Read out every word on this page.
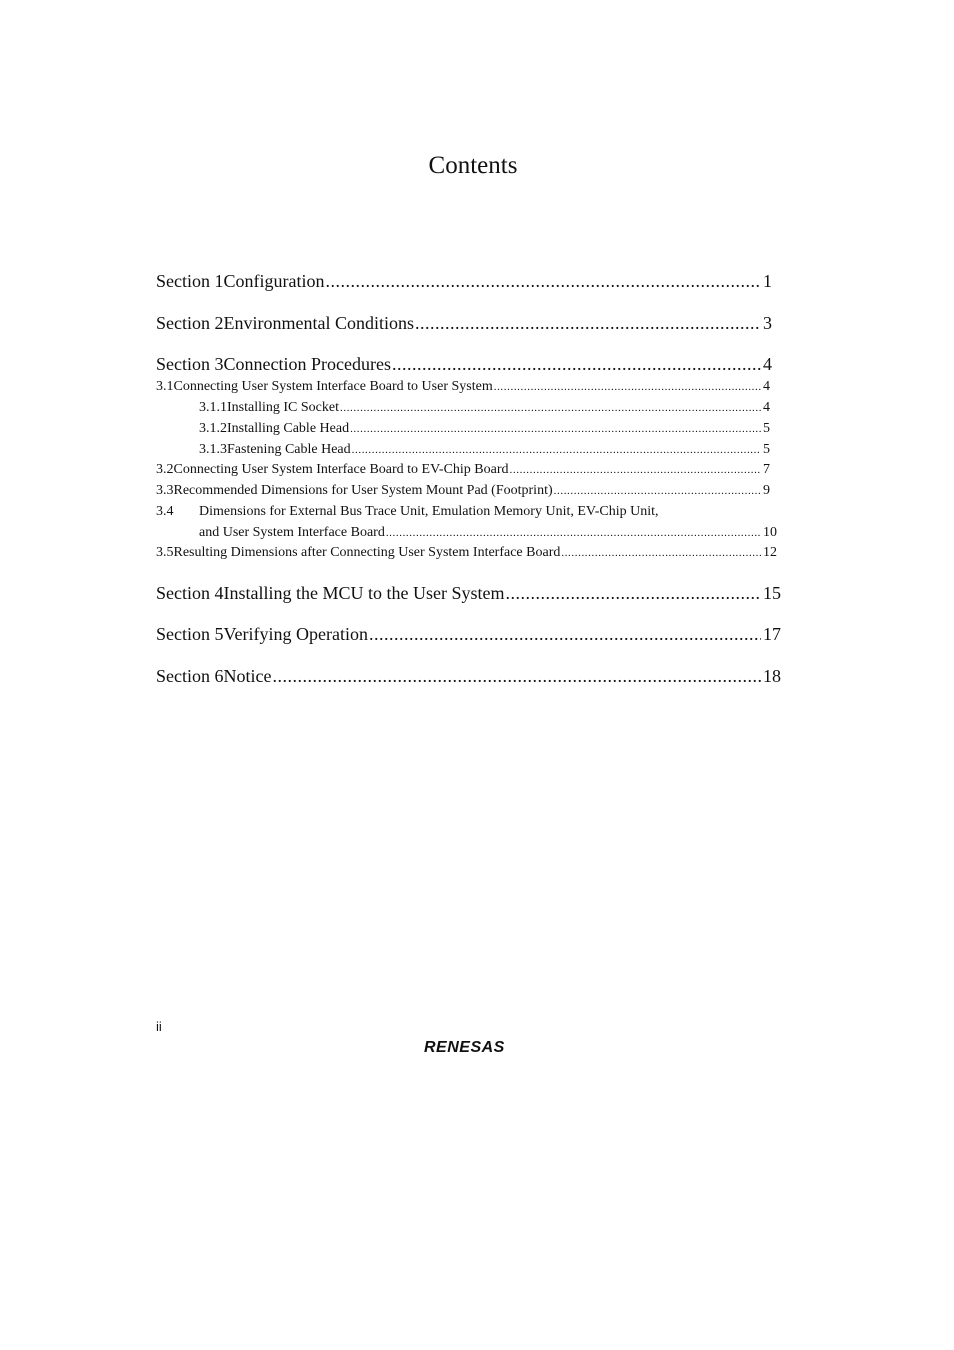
Contents
Section 1 Configuration .....	1
Section 2 Environmental Conditions .....	3
Section 3 Connection Procedures .....	4
3.1 Connecting User System Interface Board to User System .....	4
3.1.1 Installing IC Socket .....	4
3.1.2 Installing Cable Head .....	5
3.1.3 Fastening Cable Head .....	5
3.2 Connecting User System Interface Board to EV-Chip Board .....	7
3.3 Recommended Dimensions for User System Mount Pad (Footprint) .....	9
3.4	Dimensions for External Bus Trace Unit, Emulation Memory Unit, EV-Chip Unit,
and User System Interface Board .....	10
3.5 Resulting Dimensions after Connecting User System Interface Board .....	12
Section 4 Installing the MCU to the User System .....	15
Section 5 Verifying Operation .....	17
Section 6 Notice .....	18
ii
RENESAS
